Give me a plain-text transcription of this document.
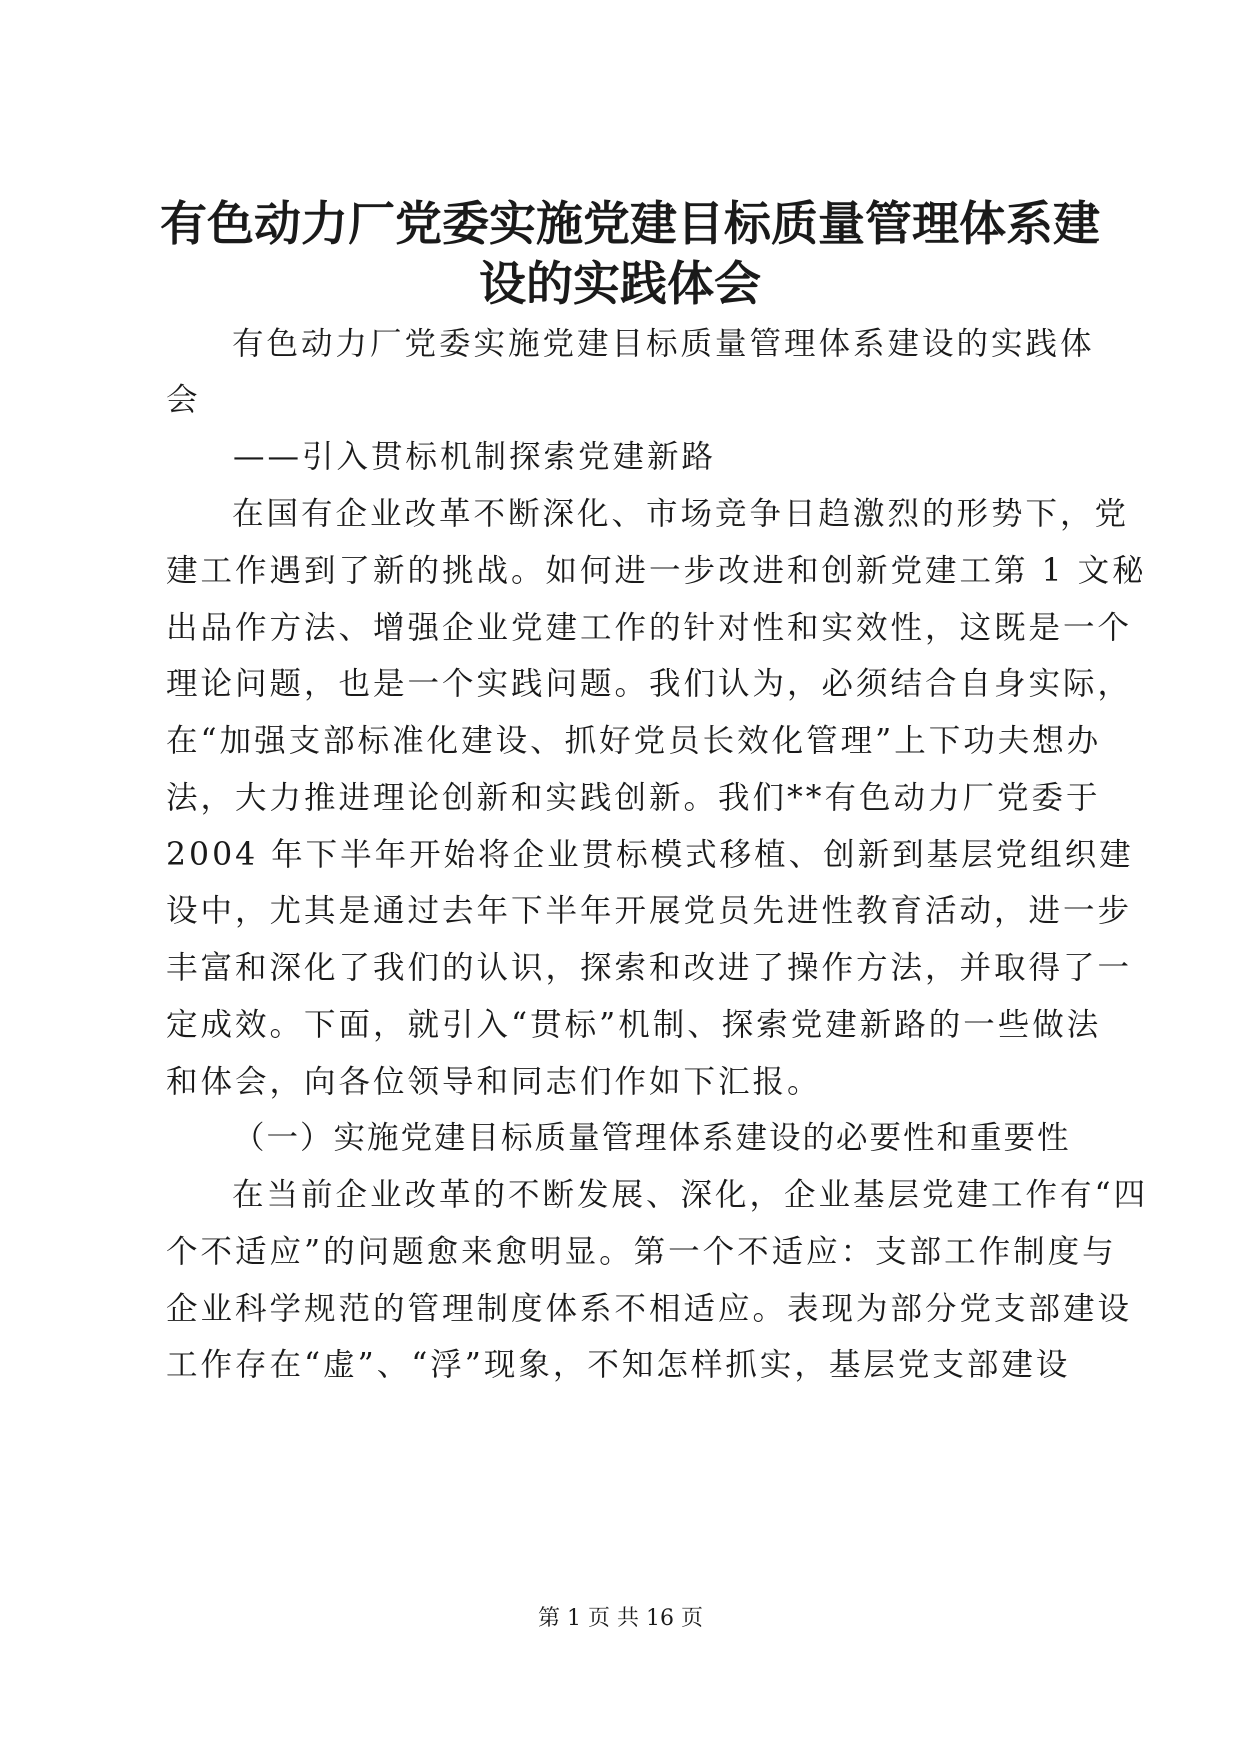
有色动力厂党委实施党建目标质量管理体系建
设的实践体会
有色动力厂党委实施党建目标质量管理体系建设的实践体
会
——引入贯标机制探索党建新路
在国有企业改革不断深化、市场竞争日趋激烈的形势下，党
建工作遇到了新的挑战。如何进一步改进和创新党建工第 1 文秘
出品作方法、增强企业党建工作的针对性和实效性，这既是一个
理论问题，也是一个实践问题。我们认为，必须结合自身实际，
在“加强支部标准化建设、抓好党员长效化管理”上下功夫想办
法，大力推进理论创新和实践创新。我们**有色动力厂党委于
2004 年下半年开始将企业贯标模式移植、创新到基层党组织建
设中，尤其是通过去年下半年开展党员先进性教育活动，进一步
丰富和深化了我们的认识，探索和改进了操作方法，并取得了一
定成效。下面，就引入“贯标”机制、探索党建新路的一些做法
和体会，向各位领导和同志们作如下汇报。
（一）实施党建目标质量管理体系建设的必要性和重要性
在当前企业改革的不断发展、深化，企业基层党建工作有“四
个不适应”的问题愈来愈明显。第一个不适应：支部工作制度与
企业科学规范的管理制度体系不相适应。表现为部分党支部建设
工作存在“虚”、“浮”现象，不知怎样抓实，基层党支部建设
第 1 页 共 16 页
